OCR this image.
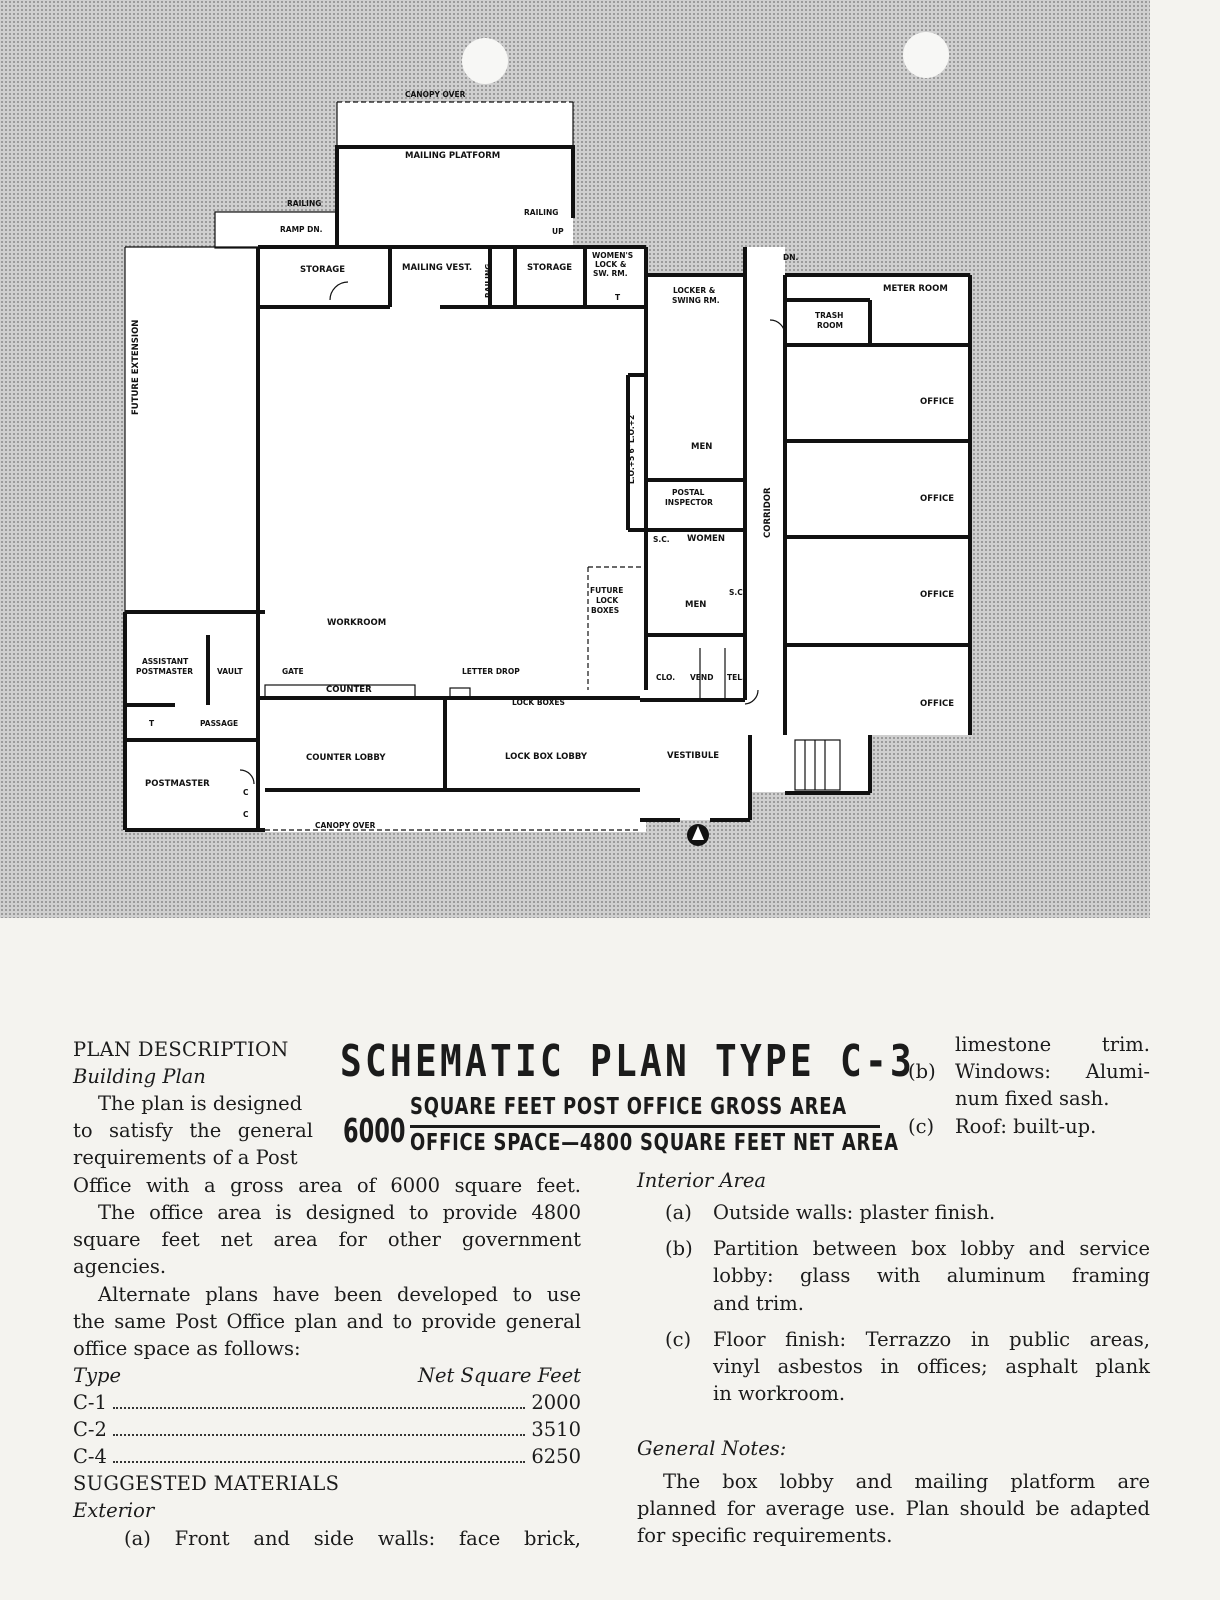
CANOPY OVER
MAILING PLATFORM
RAILING
RAILING
RAMP DN.	UP
STORAGE	MAILING VEST. RAILING	STORAGE
WOMEN'S
LOCK &
SW. RM.
T
LOCKER &
SWING RM.
DN.
METER ROOM
TRASH
ROOM
OFFICE
OFFICE
OFFICE
OFFICE
CORRIDOR
FUTURE EXTENSION
L.O.+2'
L.O.+5'6"	MEN
POSTAL
INSPECTOR
S.C. WOMEN
S.C.
MEN
FUTURE
LOCK
BOXES
WORKROOM
ASSISTANT
POSTMASTER	VAULT	GATE
COUNTER
LETTER DROP
LOCK BOXES
CLO. VEND TEL.
T	PASSAGE
COUNTER LOBBY	LOCK BOX LOBBY	VESTIBULE
POSTMASTER
C
C
CANOPY OVER
PLAN DESCRIPTION
Building Plan
The plan is designed
to satisfy the general
requirements of a Post
Office with a gross area of 6000 square feet.
The office area is designed to provide 4800
square feet net area for other government
agencies.
Alternate plans have been developed to use
the same Post Office plan and to provide general
office space as follows:
Type	Net Square Feet
C-1	2000
C-2	3510
C-4	6250
SUGGESTED MATERIALS
Exterior
(a) Front and side walls: face brick,
SCHEMATIC PLAN TYPE C-3
6000
SQUARE FEET POST OFFICE GROSS AREA
OFFICE SPACE—4800 SQUARE FEET NET AREA
limestone trim.
(b) Windows: Alumi-
num fixed sash.
(c) Roof: built-up.
Interior Area
(a) Outside walls: plaster finish.
(b) Partition between box lobby and service
lobby: glass with aluminum framing
and trim.
(c) Floor finish: Terrazzo in public areas,
vinyl asbestos in offices; asphalt plank
in workroom.
General Notes:
The box lobby and mailing platform are
planned for average use. Plan should be adapted
for specific requirements.
